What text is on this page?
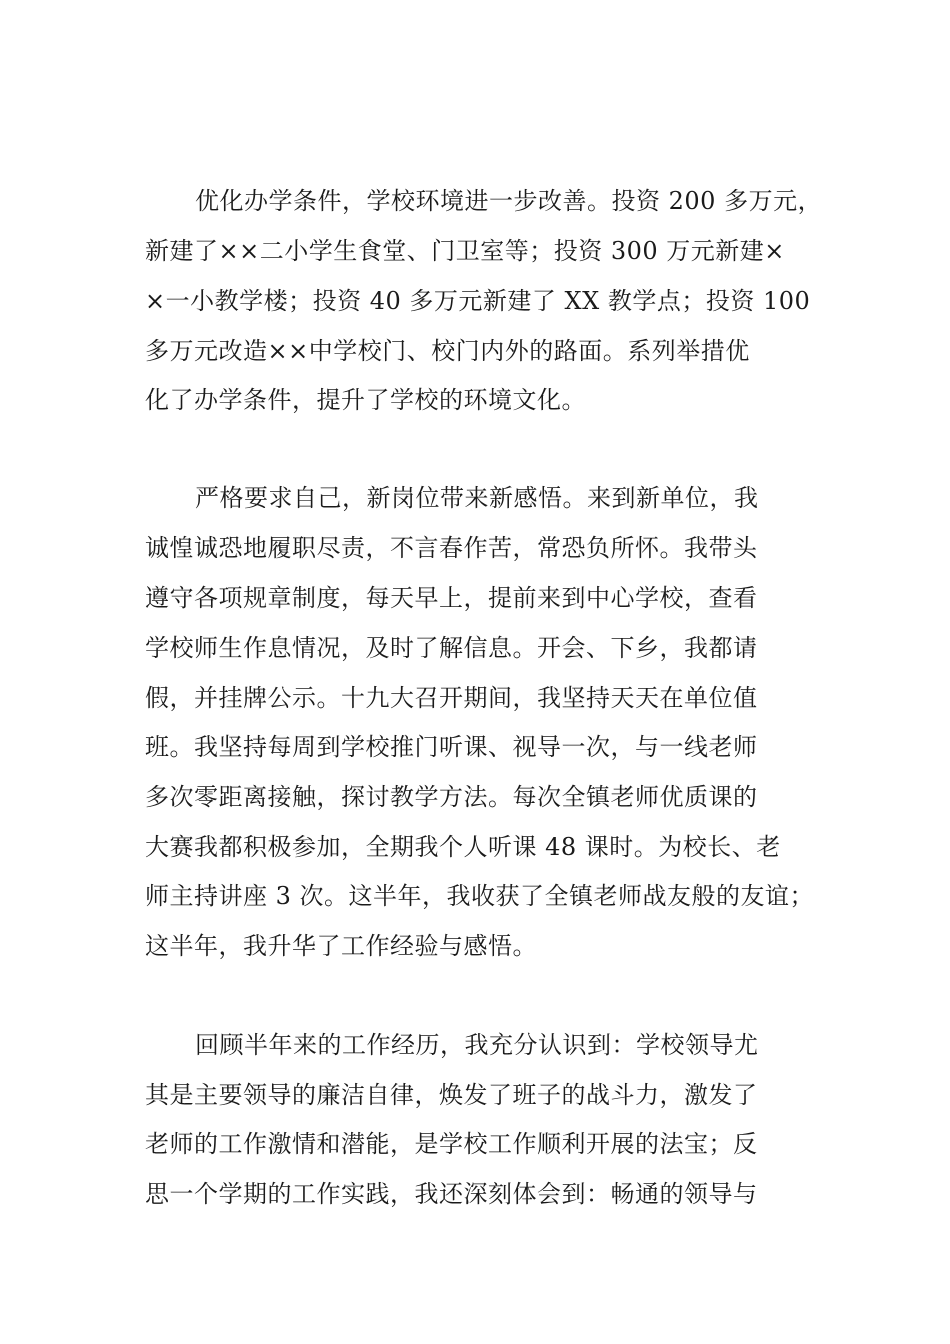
优化办学条件，学校环境进一步改善。投资 200 多万元，
新建了××二小学生食堂、门卫室等；投资 300 万元新建×
×一小教学楼；投资 40 多万元新建了 XX 教学点；投资 100
多万元改造××中学校门、校门内外的路面。系列举措优
化了办学条件，提升了学校的环境文化。
严格要求自己，新岗位带来新感悟。来到新单位，我
诚惶诚恐地履职尽责，不言春作苦，常恐负所怀。我带头
遵守各项规章制度，每天早上，提前来到中心学校，查看
学校师生作息情况，及时了解信息。开会、下乡，我都请
假，并挂牌公示。十九大召开期间，我坚持天天在单位值
班。我坚持每周到学校推门听课、视导一次，与一线老师
多次零距离接触，探讨教学方法。每次全镇老师优质课的
大赛我都积极参加，全期我个人听课 48 课时。为校长、老
师主持讲座 3 次。这半年，我收获了全镇老师战友般的友谊；
这半年，我升华了工作经验与感悟。
回顾半年来的工作经历，我充分认识到：学校领导尤
其是主要领导的廉洁自律，焕发了班子的战斗力，激发了
老师的工作激情和潜能，是学校工作顺利开展的法宝；反
思一个学期的工作实践，我还深刻体会到：畅通的领导与
